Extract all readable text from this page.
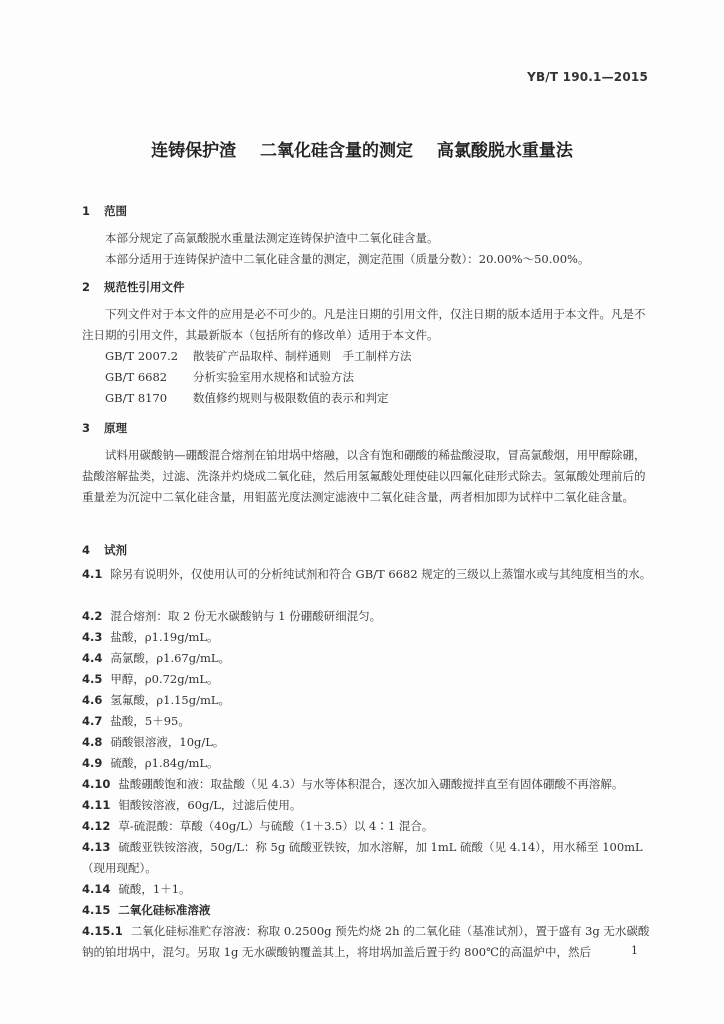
YB/T 190.1—2015
连铸保护渣 二氧化硅含量的测定 高氯酸脱水重量法
1 范围
本部分规定了高氯酸脱水重量法测定连铸保护渣中二氧化硅含量。
本部分适用于连铸保护渣中二氧化硅含量的测定，测定范围（质量分数）：20.00%～50.00%。
2 规范性引用文件
下列文件对于本文件的应用是必不可少的。凡是注日期的引用文件，仅注日期的版本适用于本文件。凡是不注日期的引用文件，其最新版本（包括所有的修改单）适用于本文件。
GB/T 2007.2 散装矿产品取样、制样通则　手工制样方法
GB/T 6682 分析实验室用水规格和试验方法
GB/T 8170 数值修约规则与极限数值的表示和判定
3 原理
试料用碳酸钠—硼酸混合熔剂在铂坩埚中熔融，以含有饱和硼酸的稀盐酸浸取，冒高氯酸烟，用甲醇除硼，盐酸溶解盐类，过滤、洗涤并灼烧成二氧化硅，然后用氢氟酸处理使硅以四氟化硅形式除去。氢氟酸处理前后的重量差为沉淀中二氧化硅含量，用钼蓝光度法测定滤液中二氧化硅含量，两者相加即为试样中二氧化硅含量。
4 试剂
4.1 除另有说明外，仅使用认可的分析纯试剂和符合 GB/T 6682 规定的三级以上蒸馏水或与其纯度相当的水。
4.2 混合熔剂：取 2 份无水碳酸钠与 1 份硼酸研细混匀。
4.3 盐酸，ρ1.19g/mL。
4.4 高氯酸，ρ1.67g/mL。
4.5 甲醇，ρ0.72g/mL。
4.6 氢氟酸，ρ1.15g/mL。
4.7 盐酸，5＋95。
4.8 硝酸银溶液，10g/L。
4.9 硫酸，ρ1.84g/mL。
4.10 盐酸硼酸饱和液：取盐酸（见 4.3）与水等体积混合，逐次加入硼酸搅拌直至有固体硼酸不再溶解。
4.11 钼酸铵溶液，60g/L，过滤后使用。
4.12 草-硫混酸：草酸（40g/L）与硫酸（1＋3.5）以 4∶1 混合。
4.13 硫酸亚铁铵溶液，50g/L：称 5g 硫酸亚铁铵，加水溶解，加 1mL 硫酸（见 4.14），用水稀至 100mL（现用现配）。
4.14 硫酸，1＋1。
4.15 二氧化硅标准溶液
4.15.1 二氧化硅标准贮存溶液：称取 0.2500g 预先灼烧 2h 的二氧化硅（基准试剂），置于盛有 3g 无水碳酸钠的铂坩埚中，混匀。另取 1g 无水碳酸钠覆盖其上，将坩埚加盖后置于约 800℃的高温炉中，然后	1
